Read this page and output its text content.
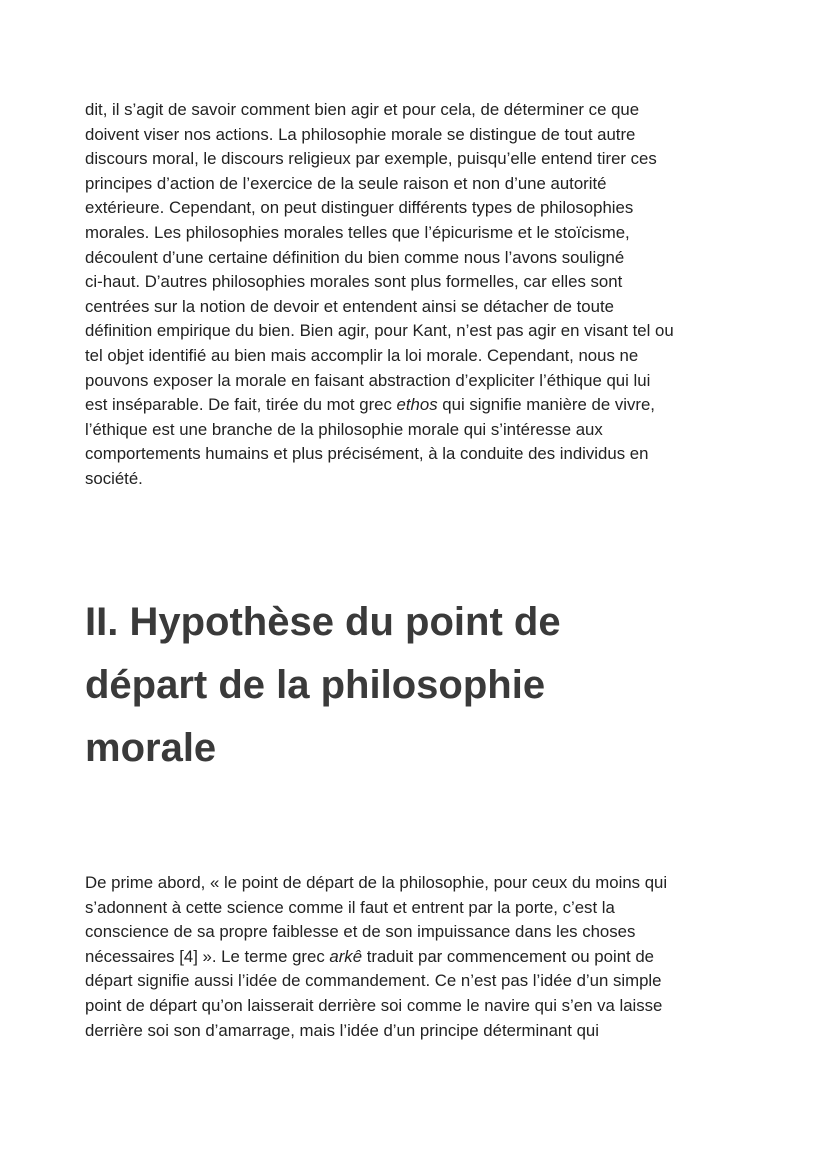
dit, il s’agit de savoir comment bien agir et pour cela, de déterminer ce que
doivent viser nos actions. La philosophie morale se distingue de tout autre
discours moral, le discours religieux par exemple, puisqu’elle entend tirer ces
principes d’action de l’exercice de la seule raison et non d’une autorité
extérieure. Cependant, on peut distinguer différents types de philosophies
morales. Les philosophies morales telles que l’épicurisme et le stoïcisme,
découlent d’une certaine définition du bien comme nous l’avons souligné
ci-haut. D’autres philosophies morales sont plus formelles, car elles sont
centrées sur la notion de devoir et entendent ainsi se détacher de toute
définition empirique du bien. Bien agir, pour Kant, n’est pas agir en visant tel ou
tel objet identifié au bien mais accomplir la loi morale. Cependant, nous ne
pouvons exposer la morale en faisant abstraction d’expliciter l’éthique qui lui
est inséparable. De fait, tirée du mot grec ethos qui signifie manière de vivre,
l’éthique est une branche de la philosophie morale qui s’intéresse aux
comportements humains et plus précisément, à la conduite des individus en
société.

II. Hypothèse du point de
départ de la philosophie
morale

De prime abord, « le point de départ de la philosophie, pour ceux du moins qui
s’adonnent à cette science comme il faut et entrent par la porte, c’est la
conscience de sa propre faiblesse et de son impuissance dans les choses
nécessaires [4] ». Le terme grec arkê traduit par commencement ou point de
départ signifie aussi l’idée de commandement. Ce n’est pas l’idée d’un simple
point de départ qu’on laisserait derrière soi comme le navire qui s’en va laisse
derrière soi son d’amarrage, mais l’idée d’un principe déterminant qui
